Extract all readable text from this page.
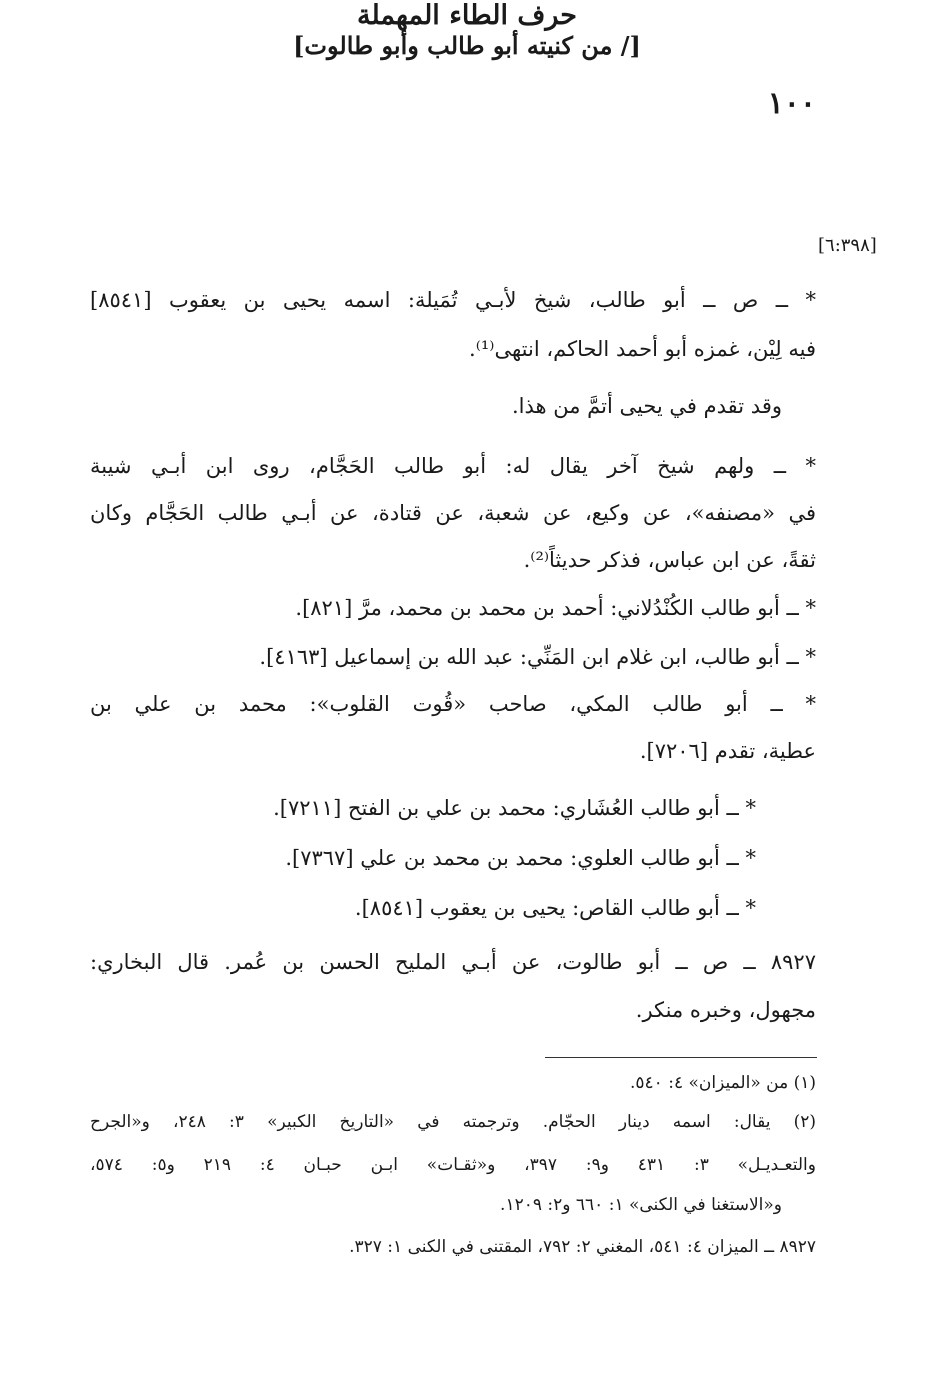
١٠٠
حرف الطاء المهملة
[٦:٣٩٨]
[/ من كنيته أبو طالب وأبو طالوت]
* ــ ص ــ أبو طالب، شيخ لأبـي تُمَيلة: اسمه يحيى بن يعقوب [٨٥٤١]
فيه لِيْن، غمزه أبو أحمد الحاكم، انتهى⁽¹⁾.
وقد تقدم في يحيى أتمَّ من هذا.
* ــ ولهم شيخ آخر يقال له: أبو طالب الحَجَّام، روى ابن أبـي شيبة
في «مصنفه»، عن وكيع، عن شعبة، عن قتادة، عن أبـي طالب الحَجَّام وكان
ثقةً، عن ابن عباس، فذكر حديثاً⁽²⁾.
* ــ أبو طالب الكُنْدُلاني: أحمد بن محمد بن محمد، مرَّ [٨٢١].
* ــ أبو طالب، ابن غلام ابن المَنِّي: عبد الله بن إسماعيل [٤١٦٣].
* ــ أبو طالب المكي، صاحب «قُوت القلوب»: محمد بن علي بن
عطية، تقدم [٧٢٠٦].
* ــ أبو طالب العُشَاري: محمد بن علي بن الفتح [٧٢١١].
* ــ أبو طالب العلوي: محمد بن محمد بن علي [٧٣٦٧].
* ــ أبو طالب القاص: يحيى بن يعقوب [٨٥٤١].
٨٩٢٧ ــ ص ــ أبو طالوت، عن أبـي المليح الحسن بن عُمر. قال البخاري:
مجهول، وخبره منكر.
(١) من «الميزان» ٤: ٥٤٠.
(٢) يقال: اسمه دينار الحجّام. وترجمته في «التاريخ الكبير» ٣: ٢٤٨، و«الجرح
والتعـديـل» ٣: ٤٣١ و٩: ٣٩٧، و«ثقـات» ابـن حبـان ٤: ٢١٩ و٥: ٥٧٤،
و«الاستغنا في الكنى» ١: ٦٦٠ و٢: ١٢٠٩.
٨٩٢٧ ــ الميزان ٤: ٥٤١، المغني ٢: ٧٩٢، المقتنى في الكنى ١: ٣٢٧.
